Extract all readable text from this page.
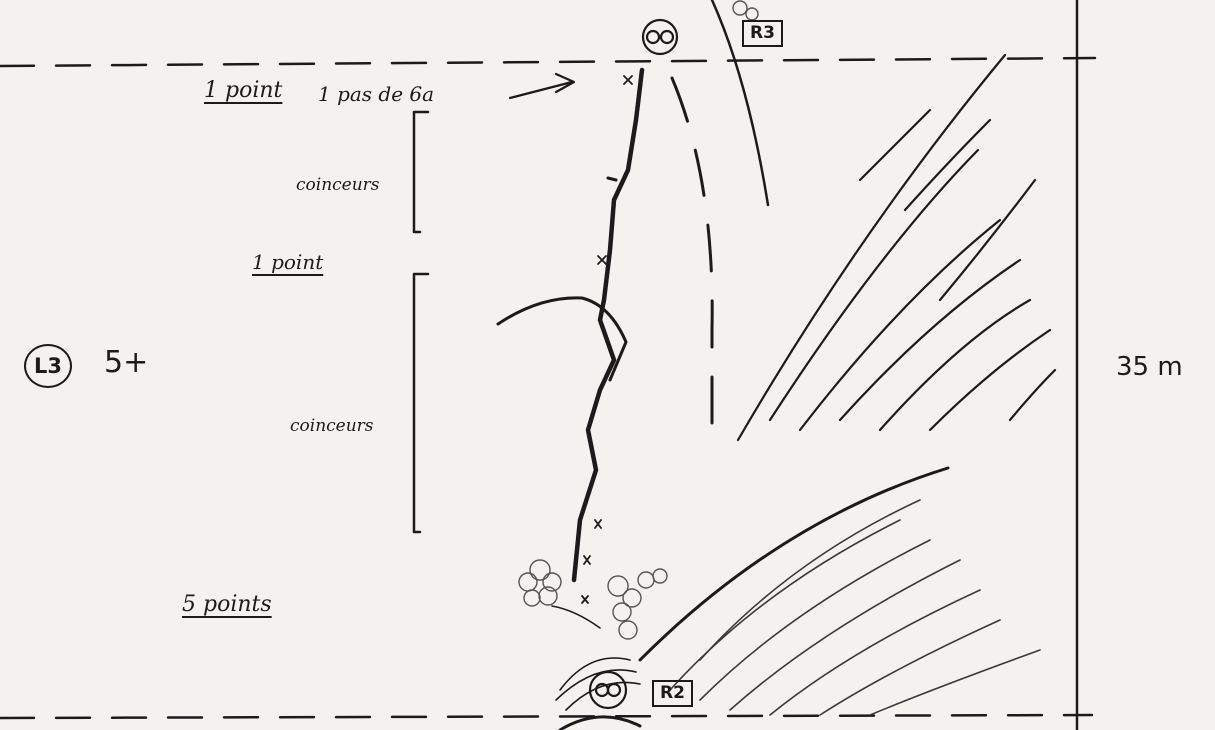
L3	5+
1 point 1 pas de 6a
coinceurs
1 point
coinceurs
5 points
35 m
R3
R2
